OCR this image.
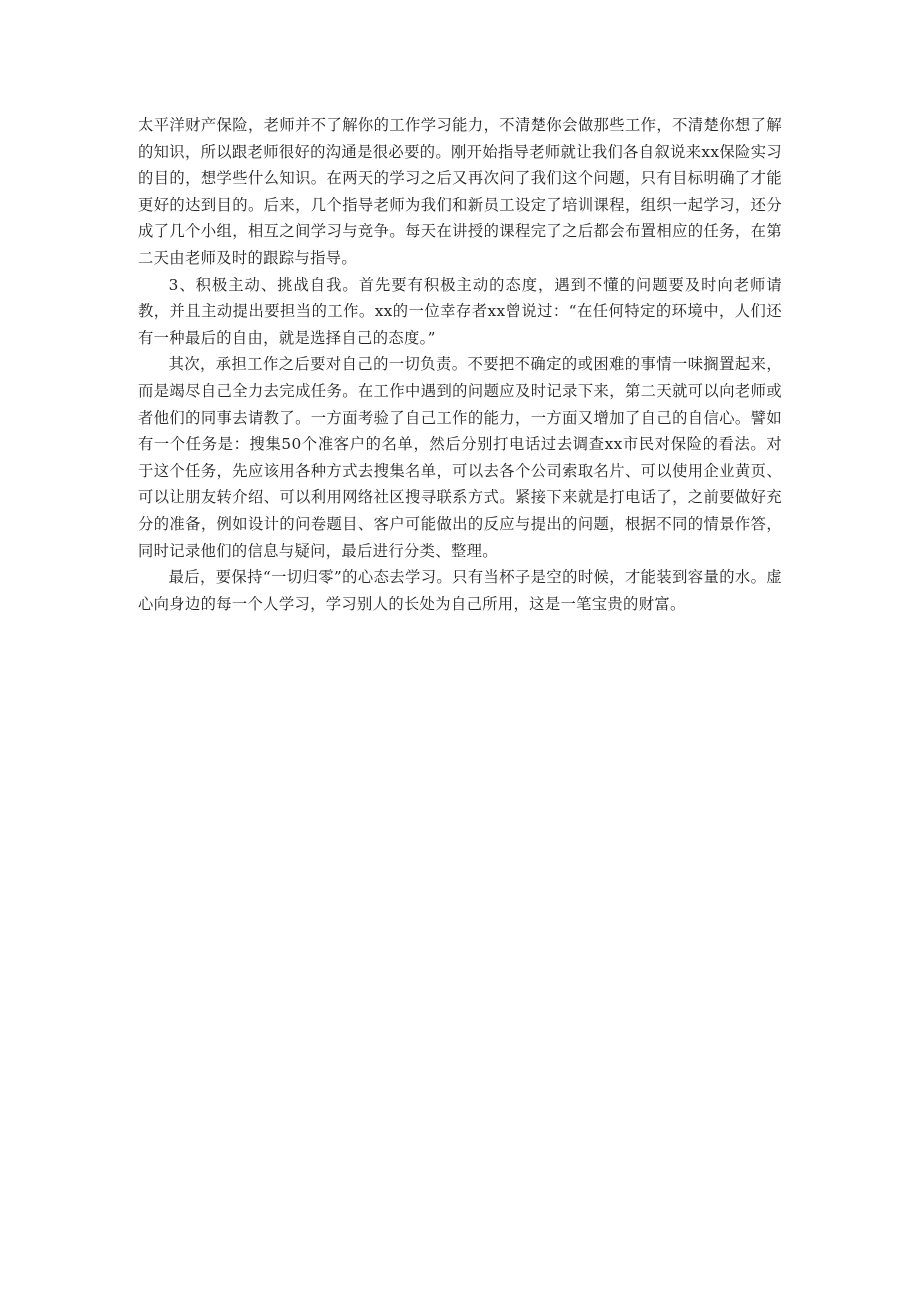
太平洋财产保险，老师并不了解你的工作学习能力，不清楚你会做那些工作，不清楚你想了解的知识，所以跟老师很好的沟通是很必要的。刚开始指导老师就让我们各自叙说来xx保险实习的目的，想学些什么知识。在两天的学习之后又再次问了我们这个问题，只有目标明确了才能更好的达到目的。后来，几个指导老师为我们和新员工设定了培训课程，组织一起学习，还分成了几个小组，相互之间学习与竞争。每天在讲授的课程完了之后都会布置相应的任务，在第二天由老师及时的跟踪与指导。

3、积极主动、挑战自我。首先要有积极主动的态度，遇到不懂的问题要及时向老师请教，并且主动提出要担当的工作。xx的一位幸存者xx曾说过：“在任何特定的环境中，人们还有一种最后的自由，就是选择自己的态度。”

其次，承担工作之后要对自己的一切负责。不要把不确定的或困难的事情一味搁置起来，而是竭尽自己全力去完成任务。在工作中遇到的问题应及时记录下来，第二天就可以向老师或者他们的同事去请教了。一方面考验了自己工作的能力，一方面又增加了自己的自信心。譬如有一个任务是：搜集50个准客户的名单，然后分别打电话过去调查xx市民对保险的看法。对于这个任务，先应该用各种方式去搜集名单，可以去各个公司索取名片、可以使用企业黄页、可以让朋友转介绍、可以利用网络社区搜寻联系方式。紧接下来就是打电话了，之前要做好充分的准备，例如设计的问卷题目、客户可能做出的反应与提出的问题，根据不同的情景作答，同时记录他们的信息与疑问，最后进行分类、整理。

最后，要保持“一切归零”的心态去学习。只有当杯子是空的时候，才能装到容量的水。虚心向身边的每一个人学习，学习别人的长处为自己所用，这是一笔宝贵的财富。
